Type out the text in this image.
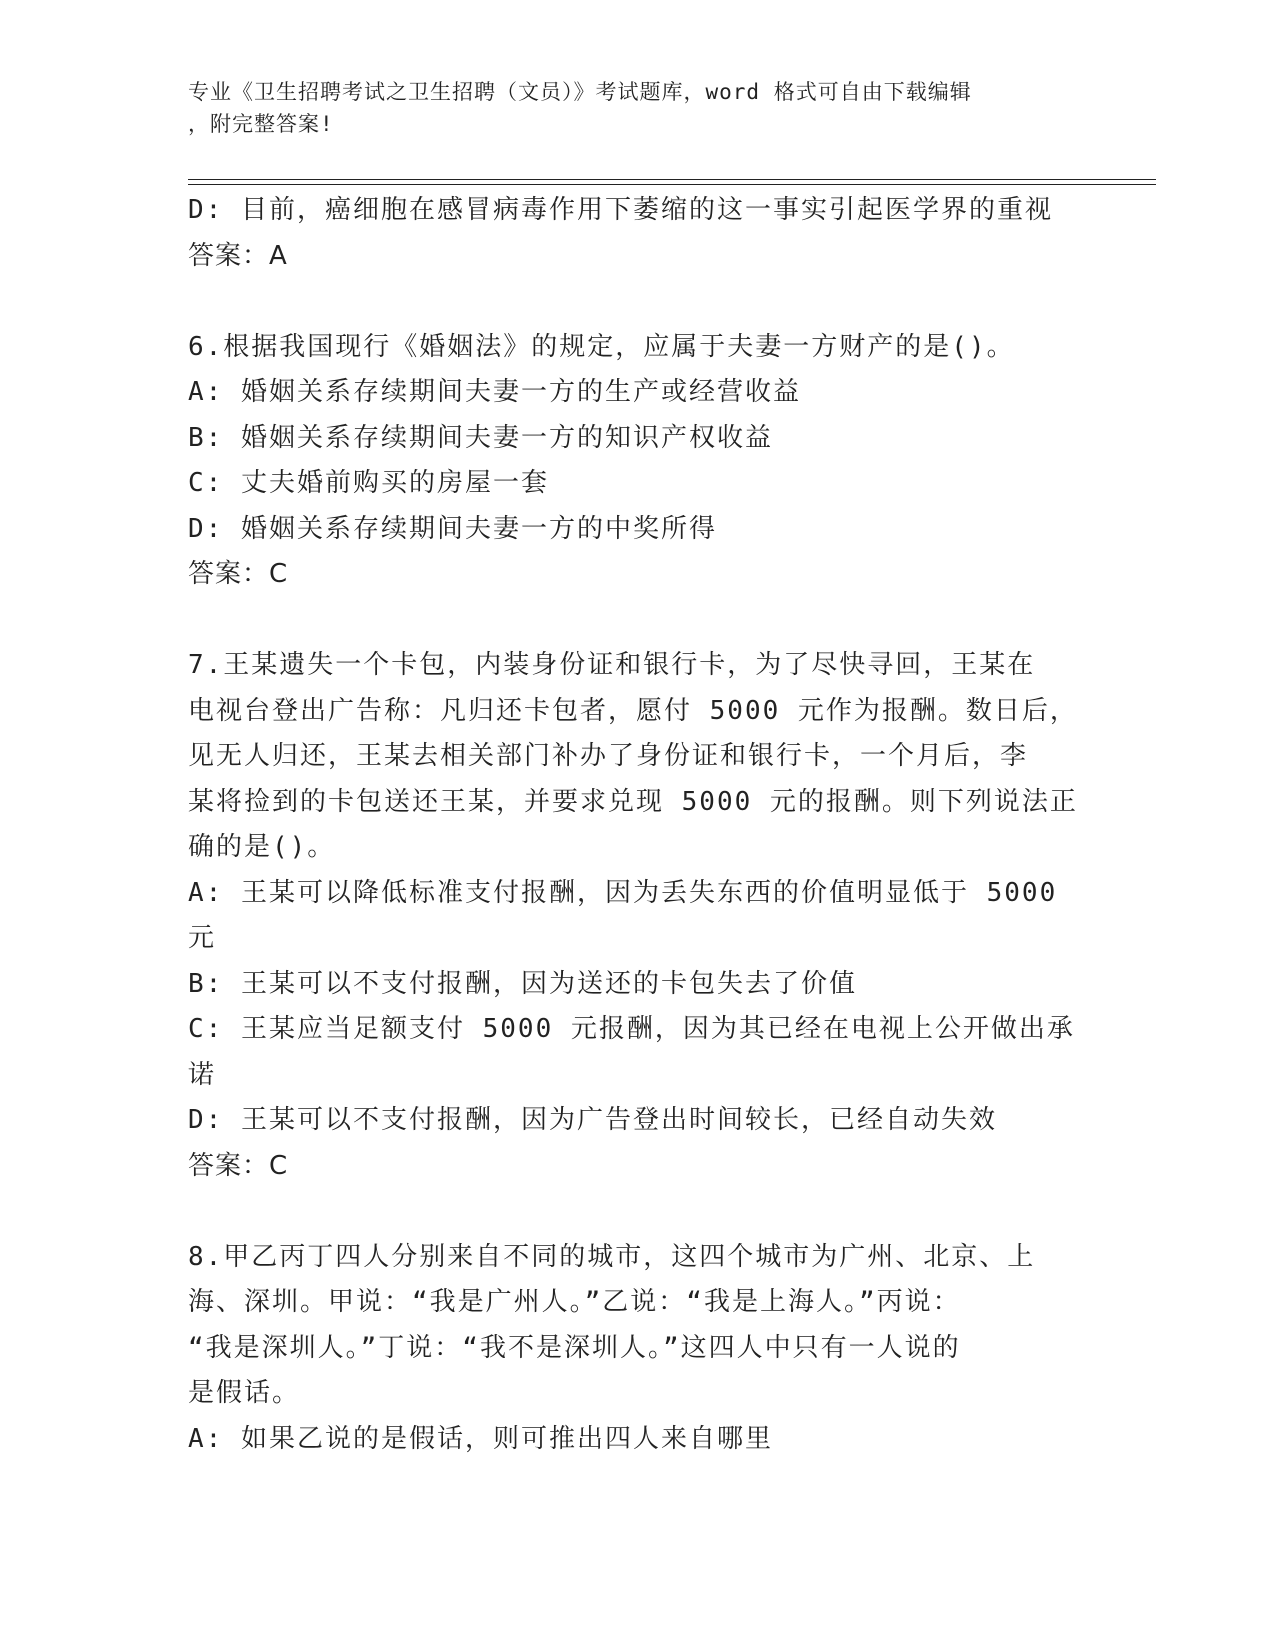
专业《卫生招聘考试之卫生招聘（文员）》考试题库，word 格式可自由下载编辑
，附完整答案!
D: 目前，癌细胞在感冒病毒作用下萎缩的这一事实引起医学界的重视
答案：A
6.根据我国现行《婚姻法》的规定，应属于夫妻一方财产的是()。
A: 婚姻关系存续期间夫妻一方的生产或经营收益
B: 婚姻关系存续期间夫妻一方的知识产权收益
C: 丈夫婚前购买的房屋一套
D: 婚姻关系存续期间夫妻一方的中奖所得
答案：C
7.王某遗失一个卡包，内装身份证和银行卡，为了尽快寻回，王某在
电视台登出广告称：凡归还卡包者，愿付 5000 元作为报酬。数日后，
见无人归还，王某去相关部门补办了身份证和银行卡，一个月后，李
某将捡到的卡包送还王某，并要求兑现 5000 元的报酬。则下列说法正
确的是()。
A: 王某可以降低标准支付报酬，因为丢失东西的价值明显低于 5000
元
B: 王某可以不支付报酬，因为送还的卡包失去了价值
C: 王某应当足额支付 5000 元报酬，因为其已经在电视上公开做出承
诺
D: 王某可以不支付报酬，因为广告登出时间较长，已经自动失效
答案：C
8.甲乙丙丁四人分别来自不同的城市，这四个城市为广州、北京、上
海、深圳。甲说：“我是广州人。”乙说：“我是上海人。”丙说：
“我是深圳人。”丁说：“我不是深圳人。”这四人中只有一人说的
是假话。
A: 如果乙说的是假话，则可推出四人来自哪里
